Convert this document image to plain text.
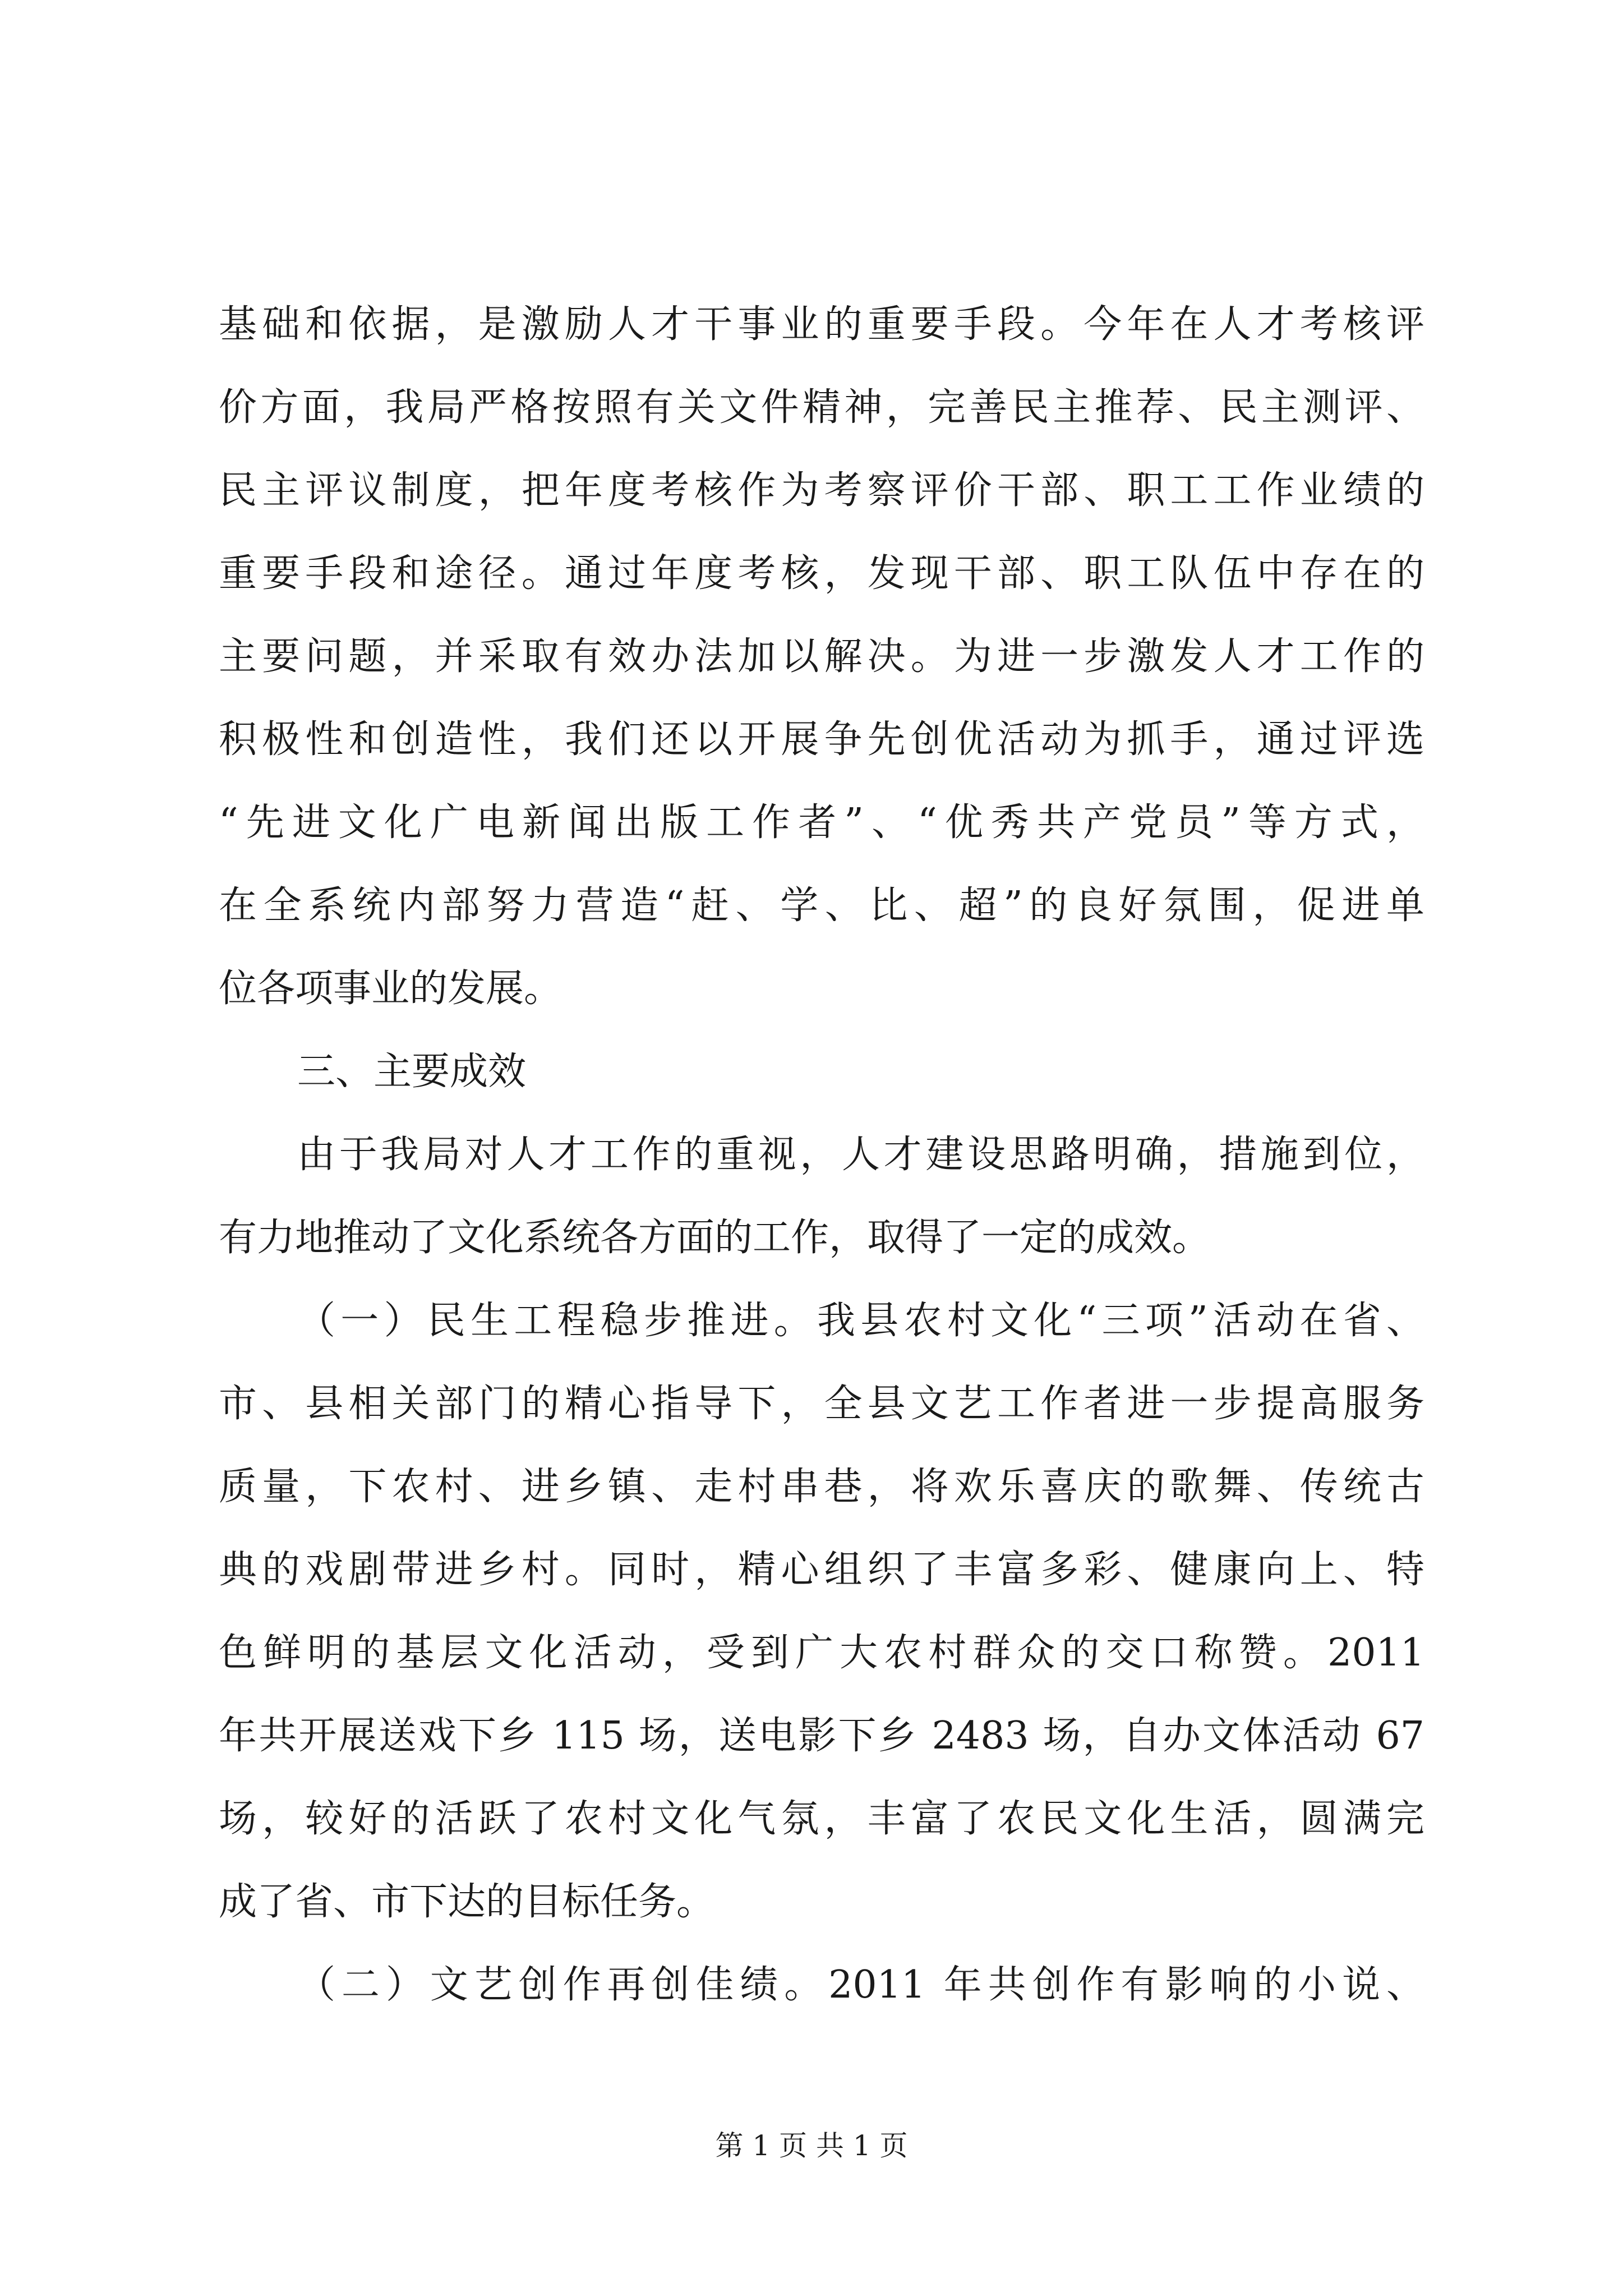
基础和依据，是激励人才干事业的重要手段。今年在人才考核评
价方面，我局严格按照有关文件精神，完善民主推荐、民主测评、
民主评议制度，把年度考核作为考察评价干部、职工工作业绩的
重要手段和途径。通过年度考核，发现干部、职工队伍中存在的
主要问题，并采取有效办法加以解决。为进一步激发人才工作的
积极性和创造性，我们还以开展争先创优活动为抓手，通过评选
“先进文化广电新闻出版工作者”、“优秀共产党员”等方式，
在全系统内部努力营造“赶、学、比、超”的良好氛围，促进单
位各项事业的发展。
三、主要成效
由于我局对人才工作的重视，人才建设思路明确，措施到位，
有力地推动了文化系统各方面的工作，取得了一定的成效。
（一）民生工程稳步推进。我县农村文化“三项”活动在省、
市、县相关部门的精心指导下，全县文艺工作者进一步提高服务
质量，下农村、进乡镇、走村串巷，将欢乐喜庆的歌舞、传统古
典的戏剧带进乡村。同时，精心组织了丰富多彩、健康向上、特
色鲜明的基层文化活动，受到广大农村群众的交口称赞。2011
年共开展送戏下乡 115 场，送电影下乡 2483 场，自办文体活动 67
场，较好的活跃了农村文化气氛，丰富了农民文化生活，圆满完
成了省、市下达的目标任务。
（二）文艺创作再创佳绩。2011 年共创作有影响的小说、
第 1 页 共 1 页
